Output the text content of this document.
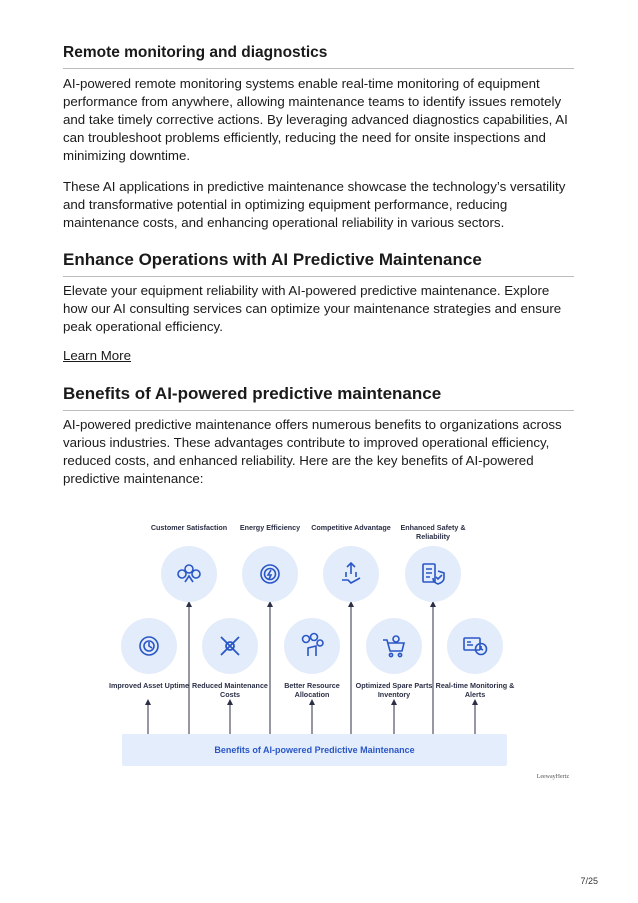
Remote monitoring and diagnostics

AI-powered remote monitoring systems enable real-time monitoring of equipment performance from anywhere, allowing maintenance teams to identify issues remotely and take timely corrective actions. By leveraging advanced diagnostics capabilities, AI can troubleshoot problems efficiently, reducing the need for onsite inspections and minimizing downtime.

These AI applications in predictive maintenance showcase the technology’s versatility and transformative potential in optimizing equipment performance, reducing maintenance costs, and enhancing operational reliability in various sectors.

Enhance Operations with AI Predictive Maintenance

Elevate your equipment reliability with AI-powered predictive maintenance. Explore how our AI consulting services can optimize your maintenance strategies and ensure peak operational efficiency.

Learn More
Benefits of AI-powered predictive maintenance

AI-powered predictive maintenance offers numerous benefits to organizations across various industries. These advantages contribute to improved operational efficiency, reduced costs, and enhanced reliability. Here are the key benefits of AI-powered predictive maintenance:

Customer Satisfaction	Energy Efficiency	Competitive Advantage	Enhanced Safety & Reliability
Improved Asset Uptime Reduced Maintenance Costs
Better Resource Allocation
Optimized Spare Parts Inventory
Real-time Monitoring & Alerts
Benefits of AI-powered Predictive Maintenance
LeewayHertz
7/25
